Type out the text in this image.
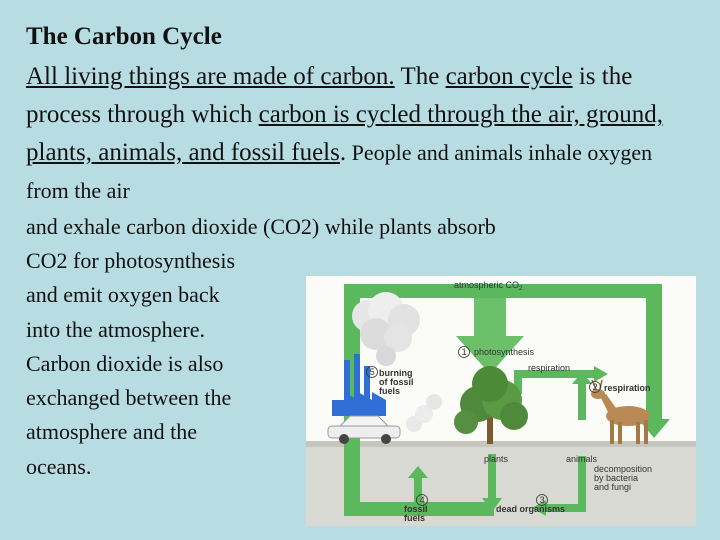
The Carbon Cycle
All living things are made of carbon. The carbon cycle is the process through which carbon is cycled through the air, ground, plants, animals, and fossil fuels. People and animals inhale oxygen from the air
and exhale carbon dioxide (CO2) while plants absorb
CO2 for photosynthesis
and emit oxygen back
into the atmosphere.
Carbon dioxide is also
exchanged between the
atmosphere and the
oceans.
atmospheric $CO_2$
1 photosynthesis
respiration
2 respiration
5 burning
of fossil
fuels
plants	animals
decomposition
by bacteria
and fungi
4
fossil
fuels
3
dead organisms
